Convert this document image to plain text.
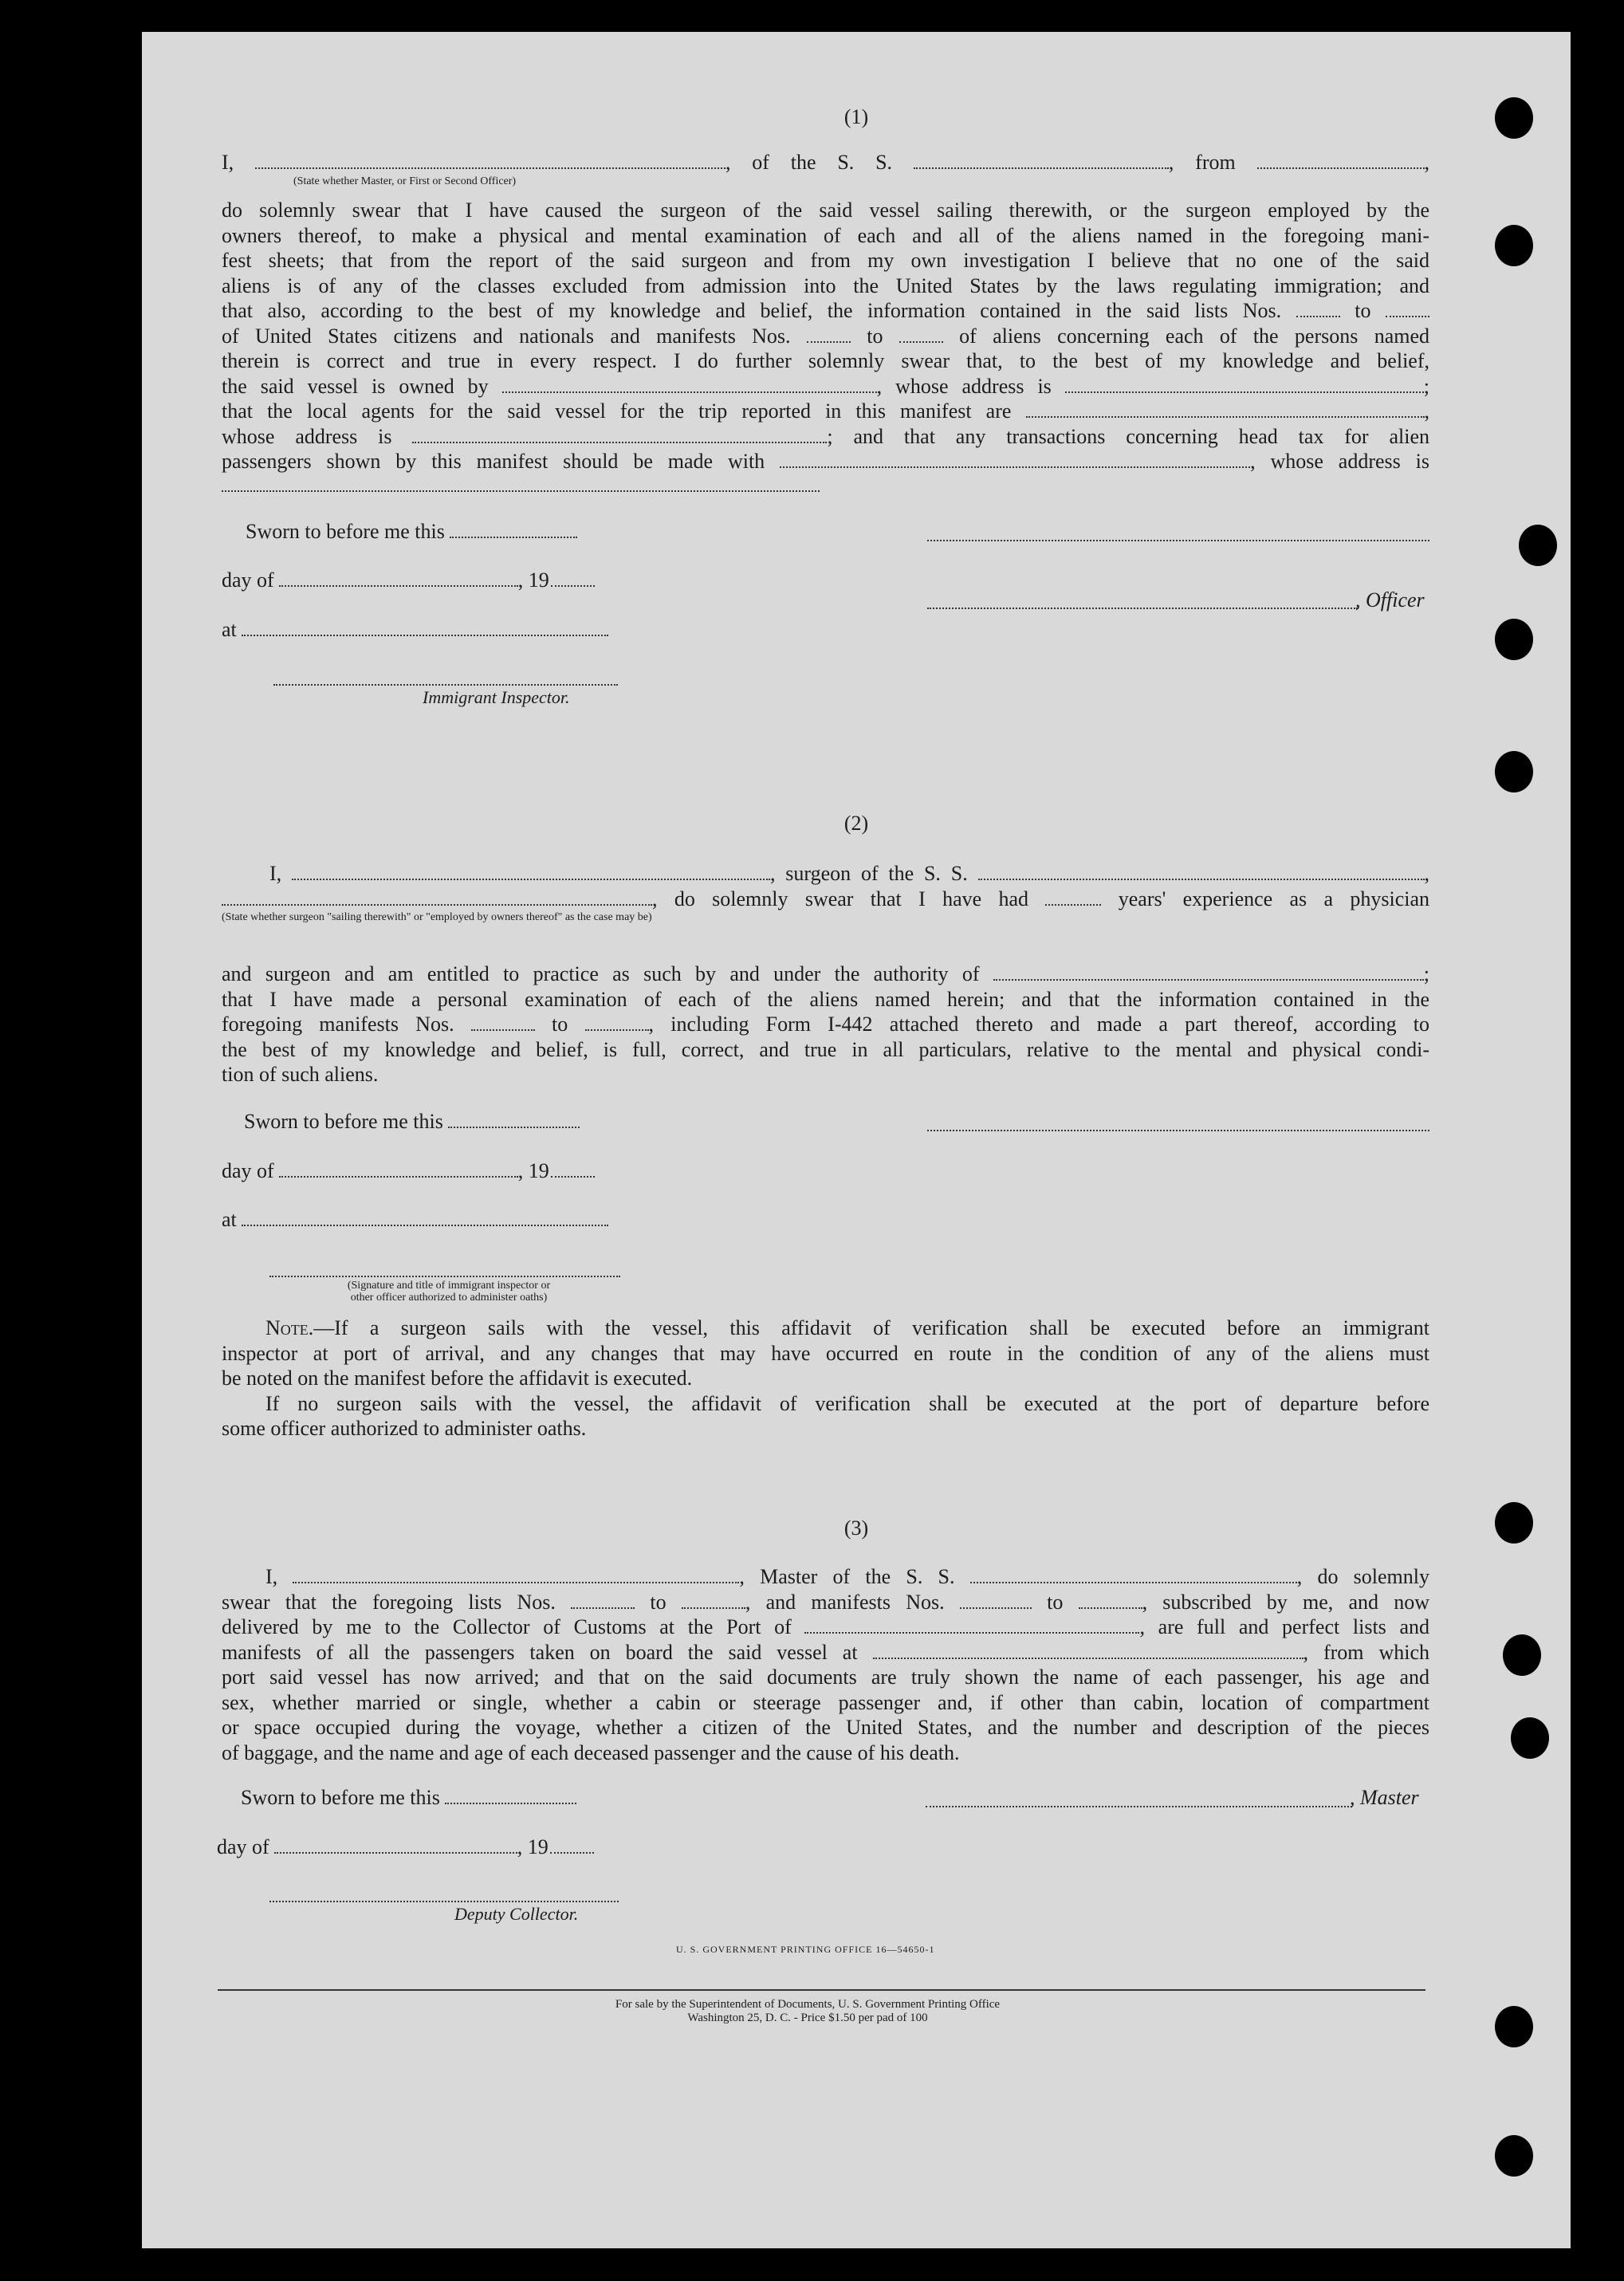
(1)
I,	, of the S. S.	, from	,
(State whether Master, or First or Second Officer)
do solemnly swear that I have caused the surgeon of the said vessel sailing therewith, or the surgeon employed by the
owners thereof, to make a physical and mental examination of each and all of the aliens named in the foregoing mani-
fest sheets; that from the report of the said surgeon and from my own investigation I believe that no one of the said
aliens is of any of the classes excluded from admission into the United States by the laws regulating immigration; and
that also, according to the best of my knowledge and belief, the information contained in the said lists Nos.	to
of United States citizens and nationals and manifests Nos.	to	of aliens concerning each of the persons named
therein is correct and true in every respect. I do further solemnly swear that, to the best of my knowledge and belief,
the said vessel is owned by	, whose address is	;
that the local agents for the said vessel for the trip reported in this manifest are	,
whose address is	; and that any transactions concerning head tax for alien
passengers shown by this manifest should be made with	, whose address is
Sworn to before me this
day of	, 19
at
Immigrant Inspector.
, Officer
(2)
I,	, surgeon of the S. S.	,
, do solemnly swear that I have had	years' experience as a physician
(State whether surgeon "sailing therewith" or "employed by owners thereof" as the case may be)
and surgeon and am entitled to practice as such by and under the authority of	;
that I have made a personal examination of each of the aliens named herein; and that the information contained in the
foregoing manifests Nos.	to	, including Form I-442 attached thereto and made a part thereof, according to
the best of my knowledge and belief, is full, correct, and true in all particulars, relative to the mental and physical condi-
tion of such aliens.
Sworn to before me this
day of	, 19
at
(Signature and title of immigrant inspector or
other officer authorized to administer oaths)
Note.—If a surgeon sails with the vessel, this affidavit of verification shall be executed before an immigrant
inspector at port of arrival, and any changes that may have occurred en route in the condition of any of the aliens must
be noted on the manifest before the affidavit is executed.
If no surgeon sails with the vessel, the affidavit of verification shall be executed at the port of departure before
some officer authorized to administer oaths.
(3)
I,	, Master of the S. S.	, do solemnly
swear that the foregoing lists Nos.	to	, and manifests Nos.	to	, subscribed by me, and now
delivered by me to the Collector of Customs at the Port of	, are full and perfect lists and
manifests of all the passengers taken on board the said vessel at	, from which
port said vessel has now arrived; and that on the said documents are truly shown the name of each passenger, his age and
sex, whether married or single, whether a cabin or steerage passenger and, if other than cabin, location of compartment
or space occupied during the voyage, whether a citizen of the United States, and the number and description of the pieces
of baggage, and the name and age of each deceased passenger and the cause of his death.
Sworn to before me this	, Master
day of	, 19
Deputy Collector.
U. S. GOVERNMENT PRINTING OFFICE 16—54650-1
For sale by the Superintendent of Documents, U. S. Government Printing Office
Washington 25, D. C. - Price $1.50 per pad of 100
